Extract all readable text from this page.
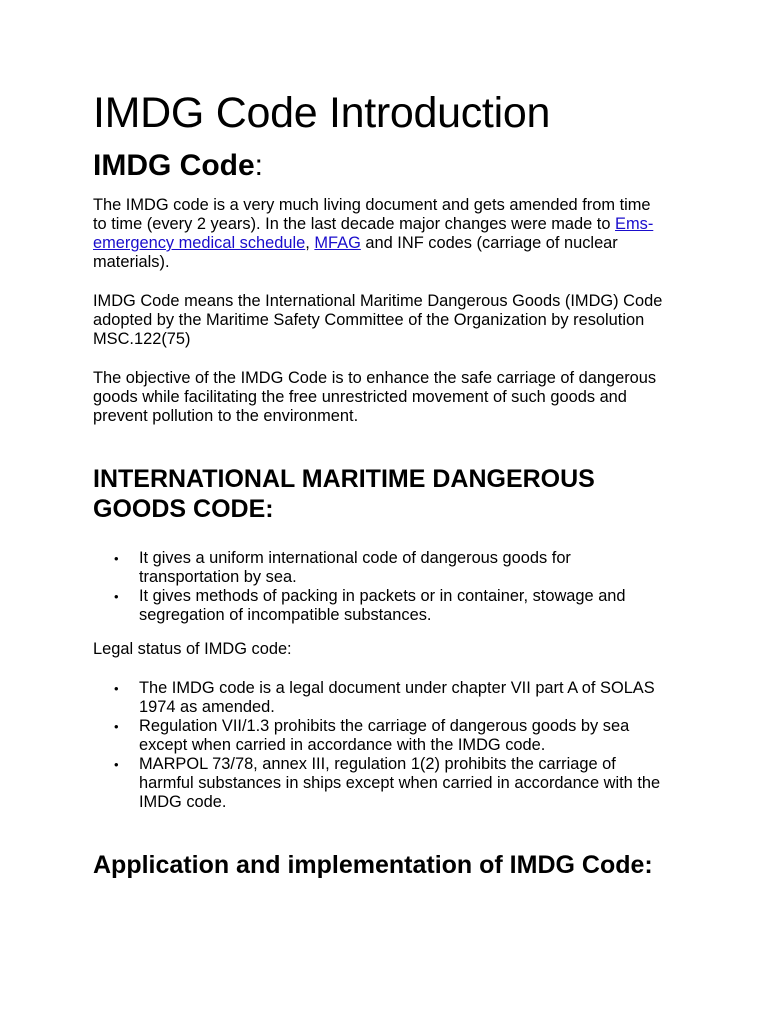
IMDG Code Introduction
IMDG Code:

The IMDG code is a very much living document and gets amended from time to time (every 2 years). In the last decade major changes were made to Ems-emergency medical schedule, MFAG and INF codes (carriage of nuclear materials).

IMDG Code means the International Maritime Dangerous Goods (IMDG) Code adopted by the Maritime Safety Committee of the Organization by resolution MSC.122(75)

The objective of the IMDG Code is to enhance the safe carriage of dangerous goods while facilitating the free unrestricted movement of such goods and prevent pollution to the environment.

INTERNATIONAL MARITIME DANGEROUS GOODS CODE:
• It gives a uniform international code of dangerous goods for transportation by sea.
• It gives methods of packing in packets or in container, stowage and segregation of incompatible substances.

Legal status of IMDG code:

• The IMDG code is a legal document under chapter VII part A of SOLAS 1974 as amended.
• Regulation VII/1.3 prohibits the carriage of dangerous goods by sea except when carried in accordance with the IMDG code.
• MARPOL 73/78, annex III, regulation 1(2) prohibits the carriage of harmful substances in ships except when carried in accordance with the IMDG code.
Application and implementation of IMDG Code:
